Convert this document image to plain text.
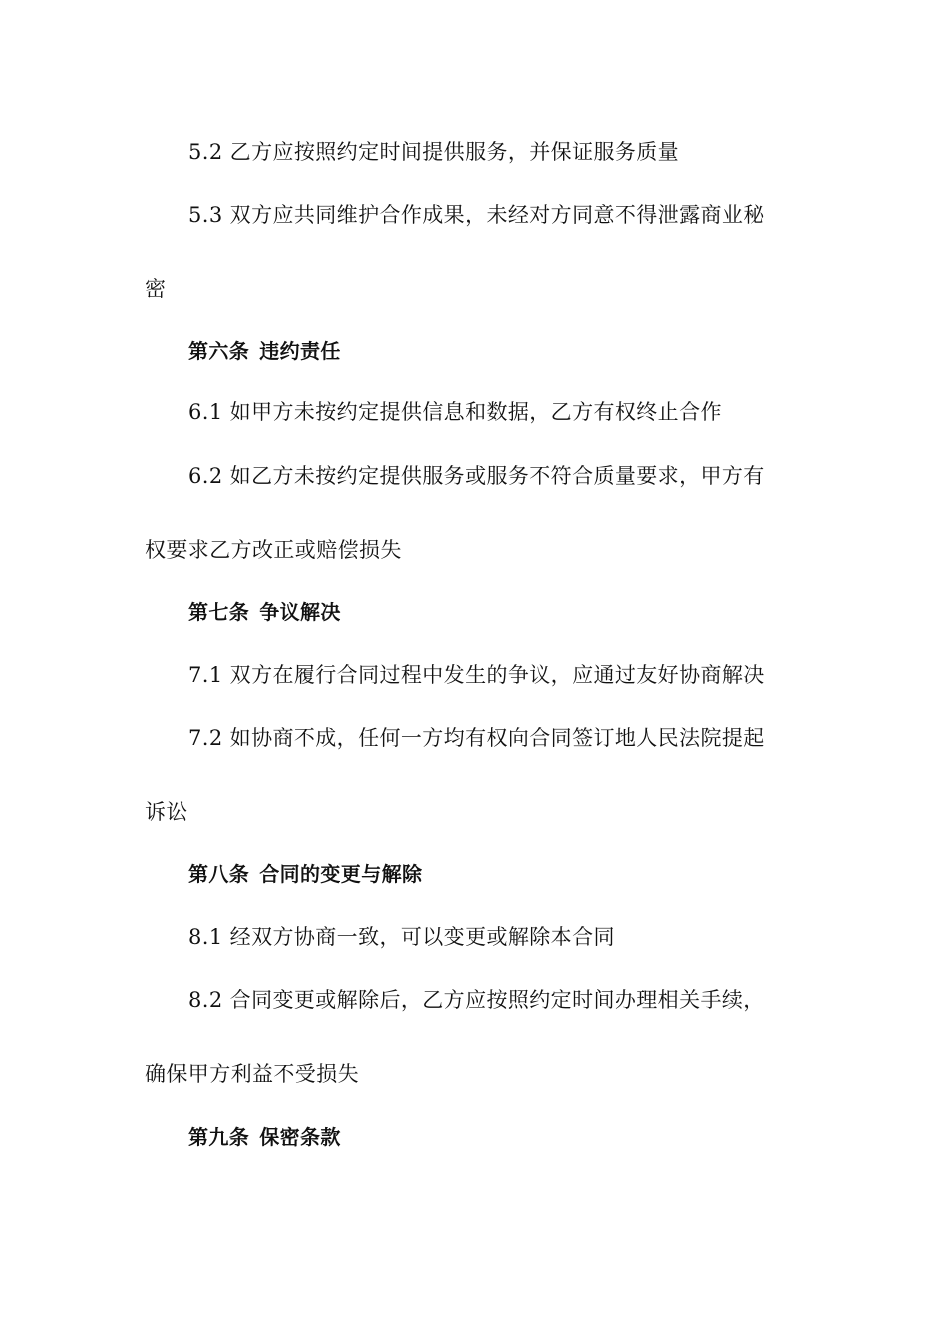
5.2 乙方应按照约定时间提供服务，并保证服务质量
5.3 双方应共同维护合作成果，未经对方同意不得泄露商业秘
密
第六条 违约责任
6.1 如甲方未按约定提供信息和数据，乙方有权终止合作
6.2 如乙方未按约定提供服务或服务不符合质量要求，甲方有
权要求乙方改正或赔偿损失
第七条 争议解决
7.1 双方在履行合同过程中发生的争议，应通过友好协商解决
7.2 如协商不成，任何一方均有权向合同签订地人民法院提起
诉讼
第八条 合同的变更与解除
8.1 经双方协商一致，可以变更或解除本合同
8.2 合同变更或解除后，乙方应按照约定时间办理相关手续，
确保甲方利益不受损失
第九条 保密条款
